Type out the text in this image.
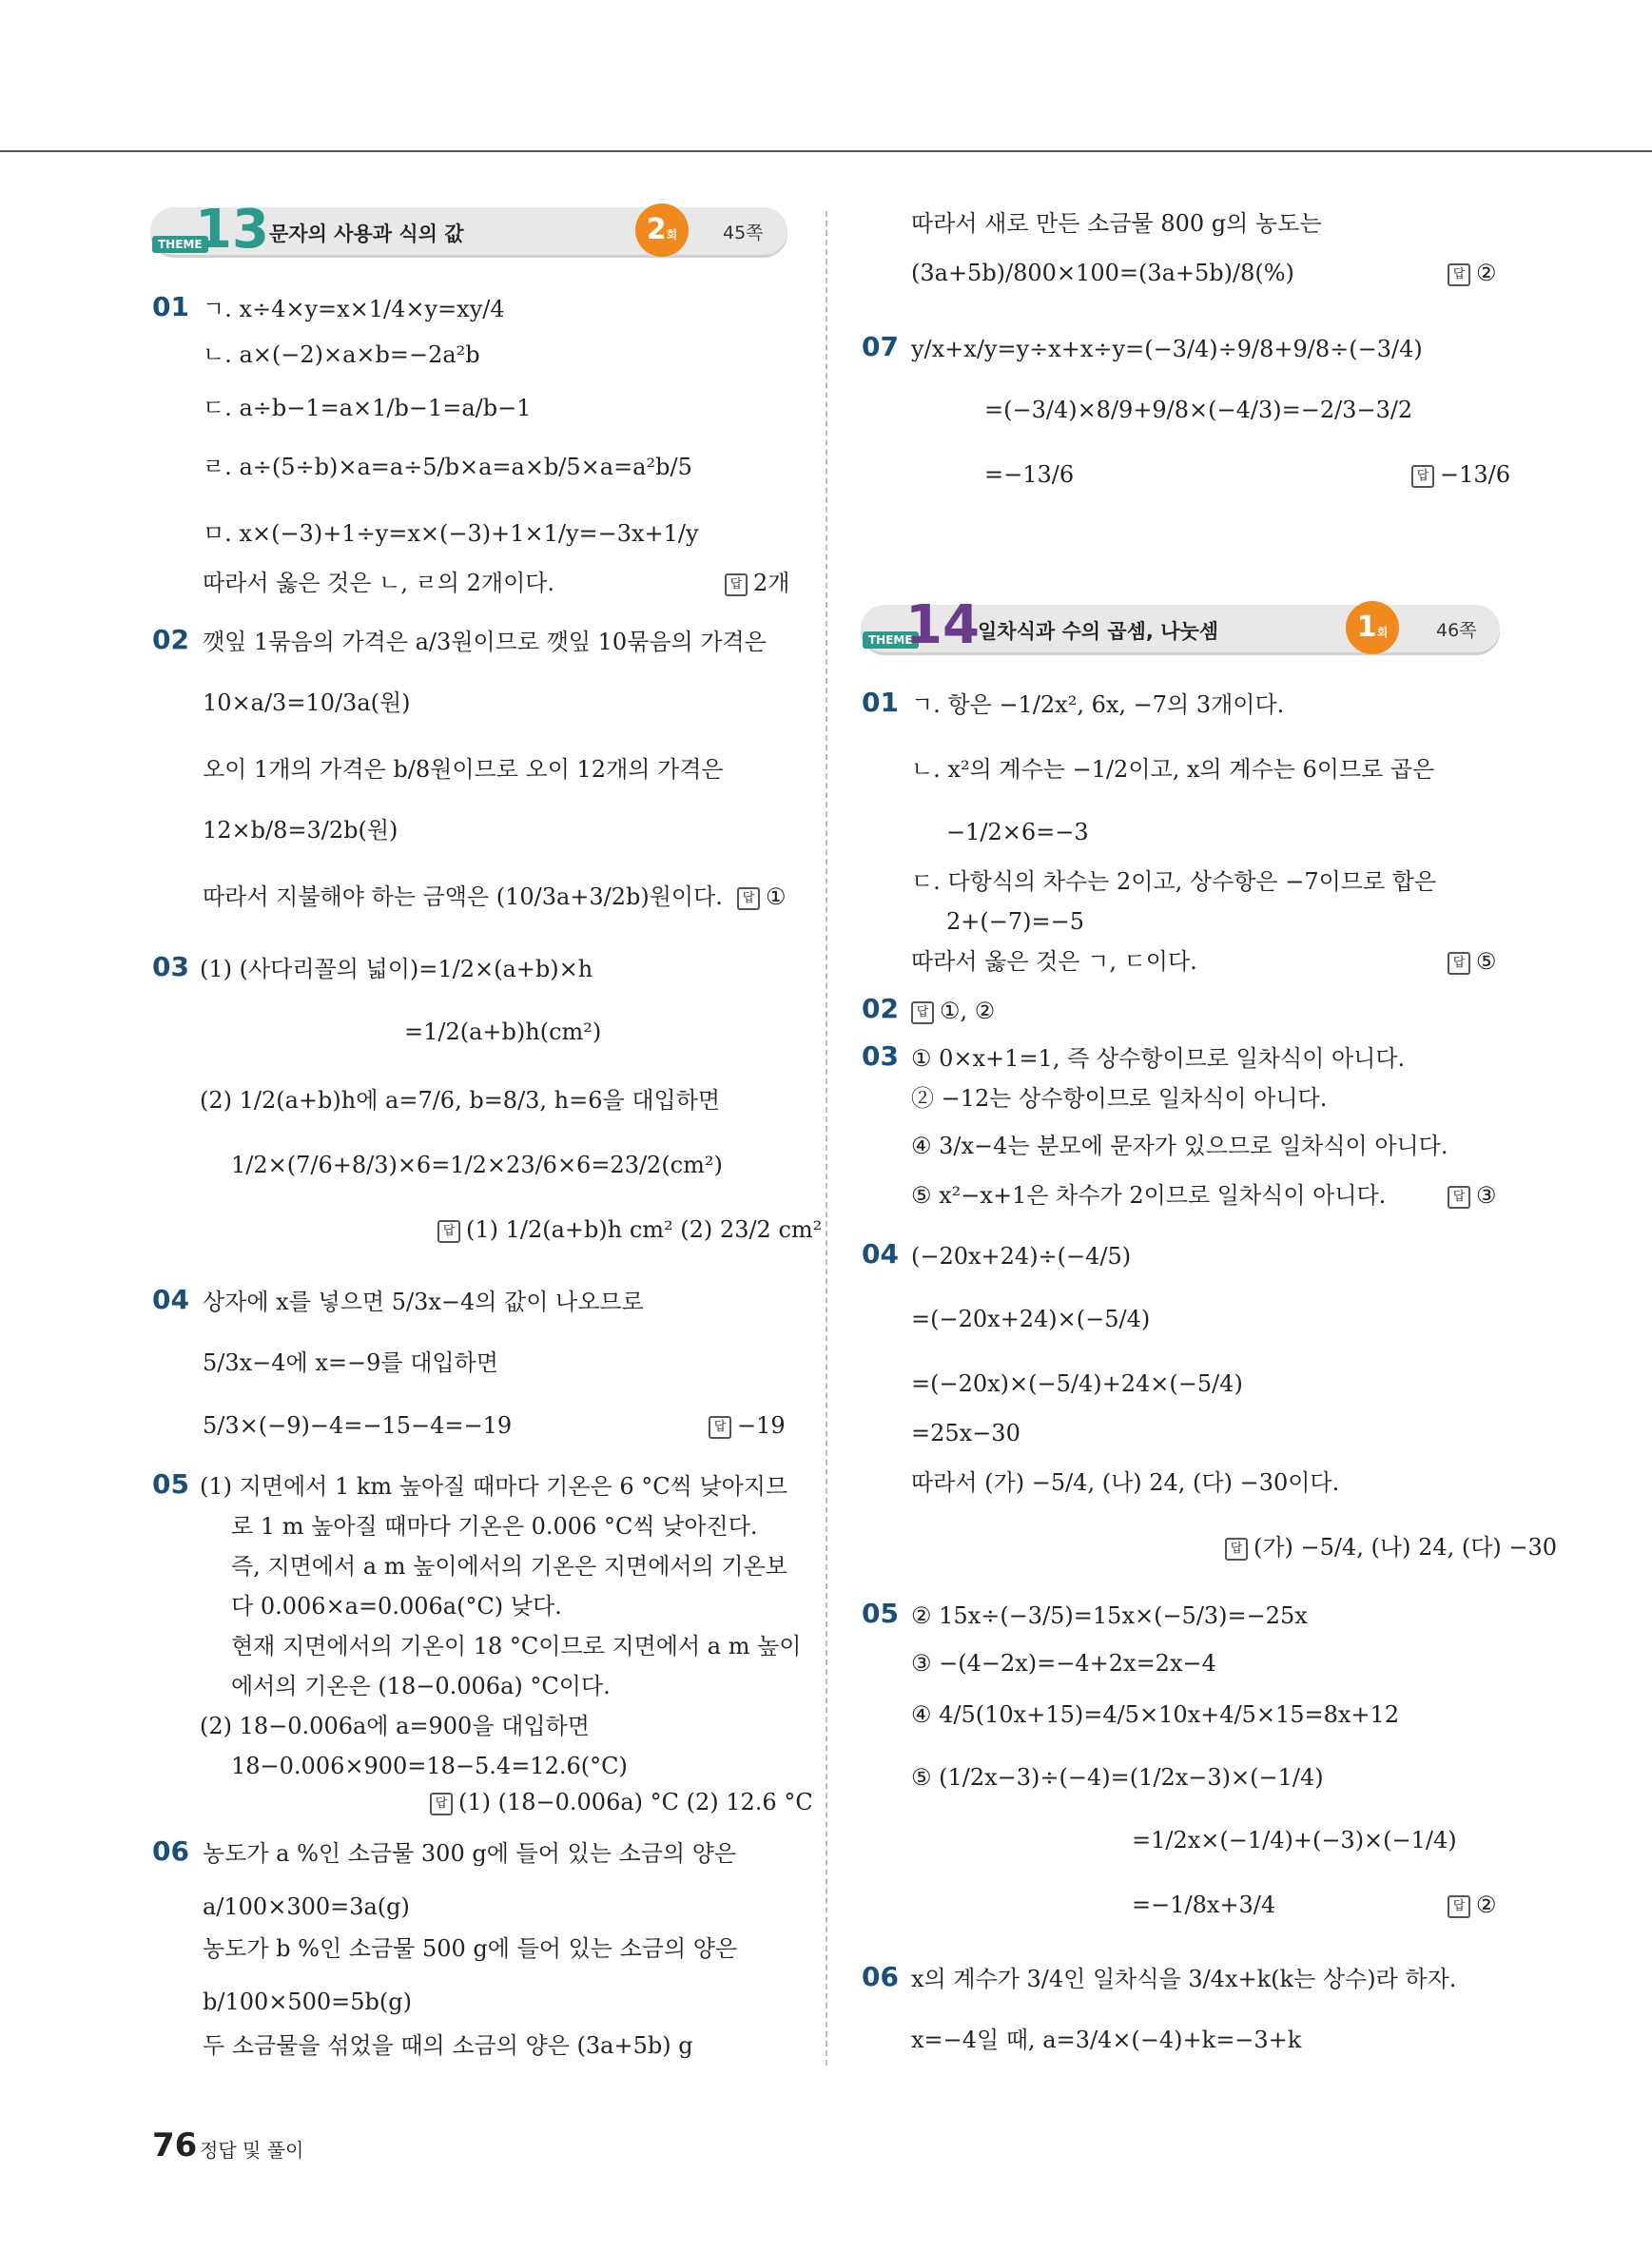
THEME
13 문자의 사용과 식의 값	2회	45쪽
01 ㄱ. x÷4×y=x×1/4×y=xy/4
ㄴ. a×(−2)×a×b=−2a²b
ㄷ. a÷b−1=a×1/b−1=a/b−1
ㄹ. a÷(5÷b)×a=a÷5/b×a=a×b/5×a=a²b/5
ㅁ. x×(−3)+1÷y=x×(−3)+1×1/y=−3x+1/y
따라서 옳은 것은 ㄴ, ㄹ의 2개이다.	답 2개
02 깻잎 1묶음의 가격은 a/3원이므로 깻잎 10묶음의 가격은
10×a/3=10/3a(원)
오이 1개의 가격은 b/8원이므로 오이 12개의 가격은
12×b/8=3/2b(원)
따라서 지불해야 하는 금액은 (10/3a+3/2b)원이다.	답 ①
03 (1) (사다리꼴의 넓이)=1/2×(a+b)×h
=1/2(a+b)h(cm²)
(2) 1/2(a+b)h에 a=7/6, b=8/3, h=6을 대입하면
1/2×(7/6+8/3)×6=1/2×23/6×6=23/2(cm²)
답 (1) 1/2(a+b)h cm² (2) 23/2 cm²
04 상자에 x를 넣으면 5/3x−4의 값이 나오므로
5/3x−4에 x=−9를 대입하면
5/3×(−9)−4=−15−4=−19	답 −19
05 (1) 지면에서 1 km 높아질 때마다 기온은 6 °C씩 낮아지므
로 1 m 높아질 때마다 기온은 0.006 °C씩 낮아진다.
즉, 지면에서 a m 높이에서의 기온은 지면에서의 기온보
다 0.006×a=0.006a(°C) 낮다.
현재 지면에서의 기온이 18 °C이므로 지면에서 a m 높이
에서의 기온은 (18−0.006a) °C이다.
(2) 18−0.006a에 a=900을 대입하면
18−0.006×900=18−5.4=12.6(°C)
답 (1) (18−0.006a) °C (2) 12.6 °C
06 농도가 a %인 소금물 300 g에 들어 있는 소금의 양은
a/100×300=3a(g)
농도가 b %인 소금물 500 g에 들어 있는 소금의 양은
b/100×500=5b(g)
두 소금물을 섞었을 때의 소금의 양은 (3a+5b) g
따라서 새로 만든 소금물 800 g의 농도는
(3a+5b)/800×100=(3a+5b)/8(%)	답 ②
07 y/x+x/y=y÷x+x÷y=(−3/4)÷9/8+9/8÷(−3/4)
=(−3/4)×8/9+9/8×(−4/3)=−2/3−3/2
=−13/6	답 −13/6
THEME
14
일차식과 수의 곱셈, 나눗셈	1회	46쪽
01 ㄱ. 항은 −1/2x², 6x, −7의 3개이다.
ㄴ. x²의 계수는 −1/2이고, x의 계수는 6이므로 곱은
−1/2×6=−3
ㄷ. 다항식의 차수는 2이고, 상수항은 −7이므로 합은
2+(−7)=−5
따라서 옳은 것은 ㄱ, ㄷ이다.	답 ⑤
02	답 ①, ②
03 ① 0×x+1=1, 즉 상수항이므로 일차식이 아니다.
② −12는 상수항이므로 일차식이 아니다.
④ 3/x−4는 분모에 문자가 있으므로 일차식이 아니다.
⑤ x²−x+1은 차수가 2이므로 일차식이 아니다.	답 ③
04 (−20x+24)÷(−4/5)
=(−20x+24)×(−5/4)
=(−20x)×(−5/4)+24×(−5/4)
=25x−30
따라서 (가) −5/4, (나) 24, (다) −30이다.
답 (가) −5/4, (나) 24, (다) −30
05 ② 15x÷(−3/5)=15x×(−5/3)=−25x
③ −(4−2x)=−4+2x=2x−4
④ 4/5(10x+15)=4/5×10x+4/5×15=8x+12
⑤ (1/2x−3)÷(−4)=(1/2x−3)×(−1/4)
=1/2x×(−1/4)+(−3)×(−1/4)
=−1/8x+3/4	답 ②
06 x의 계수가 3/4인 일차식을 3/4x+k(k는 상수)라 하자.
x=−4일 때, a=3/4×(−4)+k=−3+k
76 정답 및 풀이
